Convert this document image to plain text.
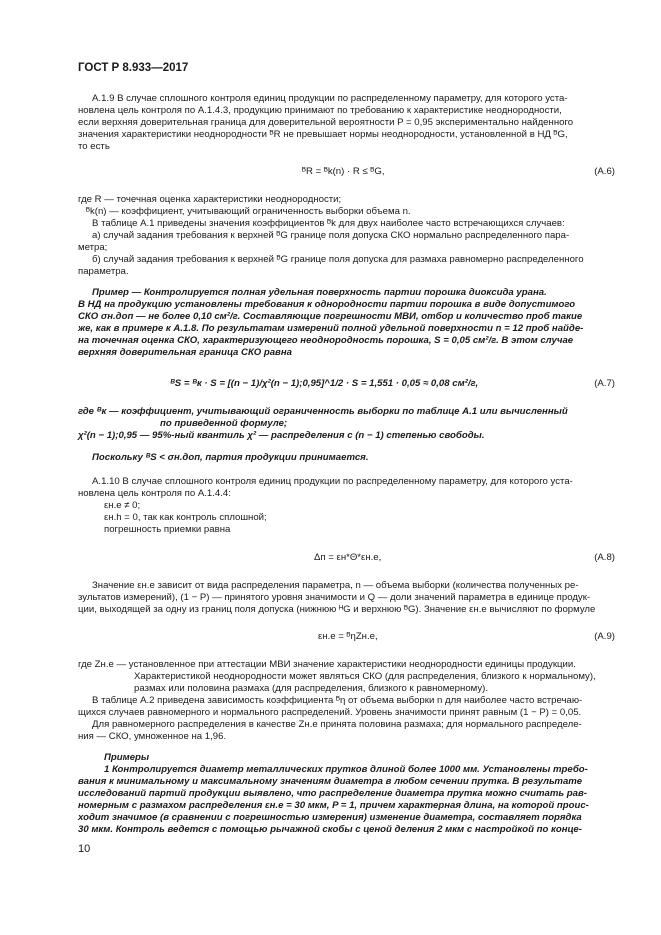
ГОСТ Р 8.933—2017
А.1.9 В случае сплошного контроля единиц продукции по распределенному параметру, для которого уста-
новлена цель контроля по А.1.4.3, продукцию принимают по требованию к характеристике неоднородности,
если верхняя доверительная граница для доверительной вероятности P = 0,95 экспериментально найденного
значения характеристики неоднородности ᴮR не превышает нормы неоднородности, установленной в НД ᴮG,
то есть
ᴮR = ᴮk(n) · R ≤ ᴮG,	(А.6)
где R — точечная оценка характеристики неоднородности;
ᴮk(n) — коэффициент, учитывающий ограниченность выборки объема n.
В таблице А.1 приведены значения коэффициентов ᴮk для двух наиболее часто встречающихся случаев:
а) случай задания требования к верхней ᴮG границе поля допуска СКО нормально распределенного пара-
метра;
б) случай задания требования к верхней ᴮG границе поля допуска для размаха равномерно распределенного
параметра.
Пример — Контролируется полная удельная поверхность партии порошка диоксида урана.
В НД на продукцию установлены требования к однородности партии порошка в виде допустимого
СКО σн.доп — не более 0,10 см²/г. Составляющие погрешности МВИ, отбор и количество проб такие
же, как в примере к А.1.8. По результатам измерений полной удельной поверхности n = 12 проб найде-
на точечная оценка СКО, характеризующего неоднородность порошка, S = 0,05 см²/г. В этом случае
верхняя доверительная граница СКО равна
ᴮS = ᴮк · S = [(n − 1)/χ²(n − 1);0,95]^1/2 · S = 1,551 · 0,05 ≈ 0,08 см²/г,	(А.7)
где ᴮк — коэффициент, учитывающий ограниченность выборки по таблице А.1 или вычисленный
по приведенной формуле;
χ²(n − 1);0,95 — 95%-ный квантиль χ² — распределения с (n − 1) степенью свободы.
Поскольку ᴮS < σн.доп, партия продукции принимается.
А.1.10 В случае сплошного контроля единиц продукции по распределенному параметру, для которого уста-
новлена цель контроля по А.1.4.4:
εн.е ≠ 0;
εн.h = 0, так как контроль сплошной;
погрешность приемки равна
Δп = εн*Θ*εн.е,	(А.8)
Значение εн.е зависит от вида распределения параметра, n — объема выборки (количества полученных ре-
зультатов измерений), (1 − P) — принятого уровня значимости и Q — доли значений параметра в единице продук-
ции, выходящей за одну из границ поля допуска (нижнюю ᴴG и верхнюю ᴮG). Значение εн.е вычисляют по формуле
εн.е = ᴮηZн.е,	(А.9)
где Zн.е — установленное при аттестации МВИ значение характеристики неоднородности единицы продукции.
Характеристикой неоднородности может являться СКО (для распределения, близкого к нормальному),
размах или половина размаха (для распределения, близкого к равномерному).
В таблице А.2 приведена зависимость коэффициента ᴮη от объема выборки n для наиболее часто встречаю-
щихся случаев равномерного и нормального распределений. Уровень значимости принят равным (1 − P) = 0,05.
Для равномерного распределения в качестве Zн.е принята половина размаха; для нормального распределе-
ния — СКО, умноженное на 1,96.
Примеры
1 Контролируется диаметр металлических прутков длиной более 1000 мм. Установлены требо-
вания к минимальному и максимальному значениям диаметра в любом сечении прутка. В результате
исследований партий продукции выявлено, что распределение диаметра прутка можно считать рав-
номерным с размахом распределения εн.е = 30 мкм, P = 1, причем характерная длина, на которой проис-
ходит значимое (в сравнении с погрешностью измерения) изменение диаметра, составляет порядка
30 мкм. Контроль ведется с помощью рычажной скобы с ценой деления 2 мкм с настройкой по конце-
10
